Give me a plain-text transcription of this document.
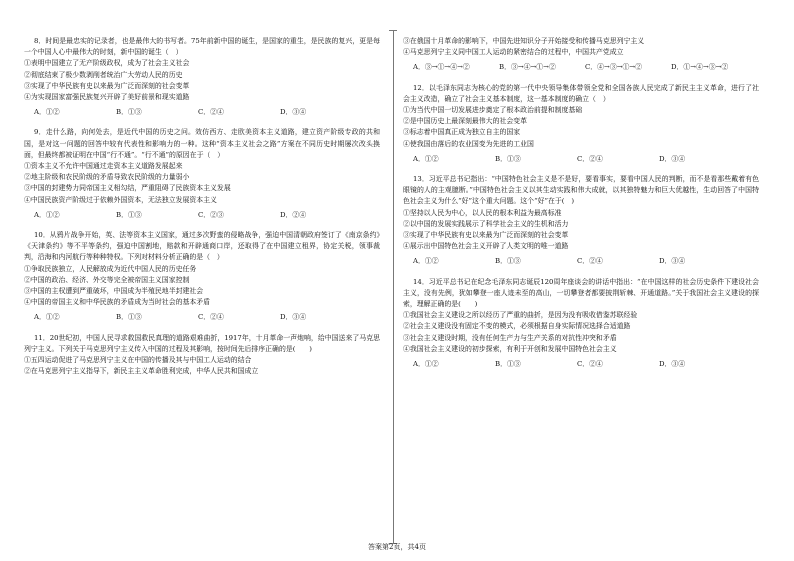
8．时间是最忠实的记录者，也是最伟大的书写者。75年前新中国的诞生，是国家的重生，是民族的复兴，更是每一个中国人心中最伟大的时刻，新中国的诞生（　）

①表明中国建立了无产阶级政权，成为了社会主义社会

②彻底结束了极少数剥削者统治广大劳动人民的历史

③实现了中华民族有史以来最为广泛而深刻的社会变革

④为实现国家富强民族复兴开辟了美好前景和现实道路

A．①②	B．①③	C．②④	D．③④

9．走什么路，向何处去，是近代中国的历史之问。效仿西方、走欧美资本主义道路，建立资产阶级专政的共和国，是对这一问题的回答中较有代表性和影响力的一种。这种“资本主义社会之路”方案在不同历史时期屡次改头换面，但最终都被证明在中国“行不通”。“行不通”的原因在于（　）

①资本主义不允许中国通过走资本主义道路发展起来

②地主阶级和农民阶级的矛盾导致农民阶级的力量弱小

③中国的封建势力同帝国主义相勾结，严重阻碍了民族资本主义发展

④中国民族资产阶级过于依赖外国资本，无法独立发展资本主义

A．①②	B．①③	C．②③	D．②④

10．从鸦片战争开始，英、法等资本主义国家，通过多次野蛮的侵略战争，强迫中国清朝政府签订了《南京条约》《天津条约》等不平等条约，强迫中国割地，赔款和开辟通商口岸，还取得了在中国建立租界，协定关税，领事裁判，沿海和内河航行等种种特权。下列对材料分析正确的是（　）

①争取民族独立，人民解放成为近代中国人民的历史任务

②中国的政治、经济、外交等完全被帝国主义国家控制

③中国的主权遭到严重破坏，中国成为半殖民地半封建社会

④中国的帝国主义和中华民族的矛盾成为当时社会的基本矛盾

A．①②	B．①③	C．②④	D．③④

11．20世纪初，中国人民寻求救国救民真理的道路艰难曲折，1917年，十月革命一声炮响，给中国送来了马克思列宁主义。下列关于马克思列宁主义传入中国的过程及其影响，按时间先后排序正确的是(　　)

①五四运动促进了马克思列宁主义在中国的传播及其与中国工人运动的结合

②在马克思列宁主义指导下，新民主主义革命胜利完成，中华人民共和国成立

③在俄国十月革命的影响下，中国先进知识分子开始接受和传播马克思列宁主义

④马克思列宁主义同中国工人运动的紧密结合的过程中，中国共产党成立

A．③→①→④→②	B．③→④→①→②	C．④→③→①→②	D．①→④→③→②

12．以毛泽东同志为核心的党的第一代中央领导集体带领全党和全国各族人民完成了新民主主义革命，进行了社会主义改造，确立了社会主义基本制度，这一基本制度的确立（　）

①为当代中国一切发展进步奠定了根本政治前提和制度基础

②是中国历史上最深刻最伟大的社会变革

③标志着中国真正成为独立自主的国家

④使我国由落后的农业国变为先进的工业国

A．①②	B．①③	C．②④	D．③④

13．习近平总书记指出：“中国特色社会主义是不是好，要看事实，要看中国人民的判断，而不是看那些戴着有色眼镜的人的主观臆断。”中国特色社会主义以其生动实践和伟大成就，以其独特魅力和巨大优越性，生动回答了中国特色社会主义为什么“好”这个重大问题。这个“好”在于(　)

①坚持以人民为中心，以人民的根本利益为最高标准

②以中国的发展实践展示了科学社会主义的生机和活力

③实现了中华民族有史以来最为广泛而深刻的社会变革

④展示出中国特色社会主义开辟了人类文明的唯一道路

A．①②	B．①③	C．②④	D．③④

14．习近平总书记在纪念毛泽东同志诞辰120周年座谈会的讲话中指出：“在中国这样的社会历史条件下建设社会主义，没有先例，犹如攀登一座人迹未至的高山，一切攀登者都要披荆斩棘、开通道路。”关于我国社会主义建设的探索，理解正确的是(　　)

①我国社会主义建设之所以经历了严重的曲折，是因为没有吸收借鉴苏联经验

②社会主义建设没有固定不变的模式，必须根据自身实际情况选择合适道路

③社会主义建设时期，没有任何生产力与生产关系的对抗性冲突和矛盾

④我国社会主义建设的初步探索，有利于开创和发展中国特色社会主义

A．①②	B．①③	C．②④	D．③④
答案第2页，共4页
